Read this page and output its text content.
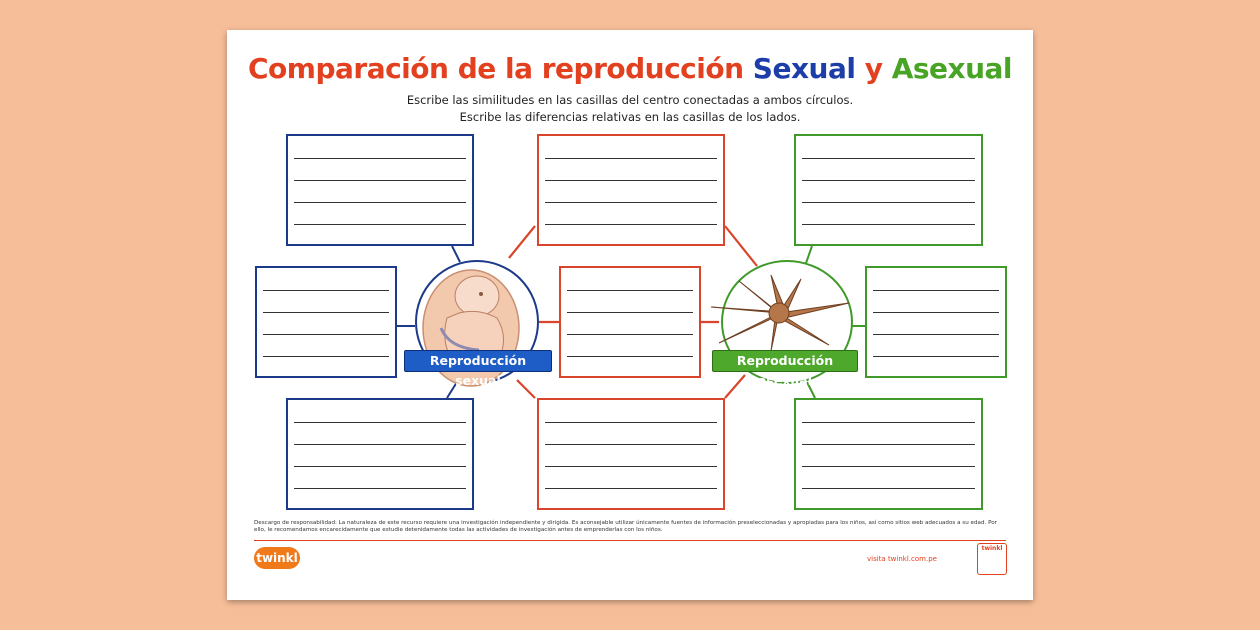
Comparación de la reproducción Sexual y Asexual
Escribe las similitudes en las casillas del centro conectadas a ambos círculos.
Escribe las diferencias relativas en las casillas de los lados.
Reproducción sexual
Reproducción asexual
Descargo de responsabilidad: La naturaleza de este recurso requiere una investigación independiente y dirigida. Es aconsejable utilizar únicamente fuentes de información preseleccionadas y apropiadas para los niños, así como sitios web adecuados a su edad. Por ello, le recomendamos encarecidamente que estudie detenidamente todas las actividades de investigación antes de emprenderlas con los niños.
twinkl	visita twinkl.com.pe
twinkl
